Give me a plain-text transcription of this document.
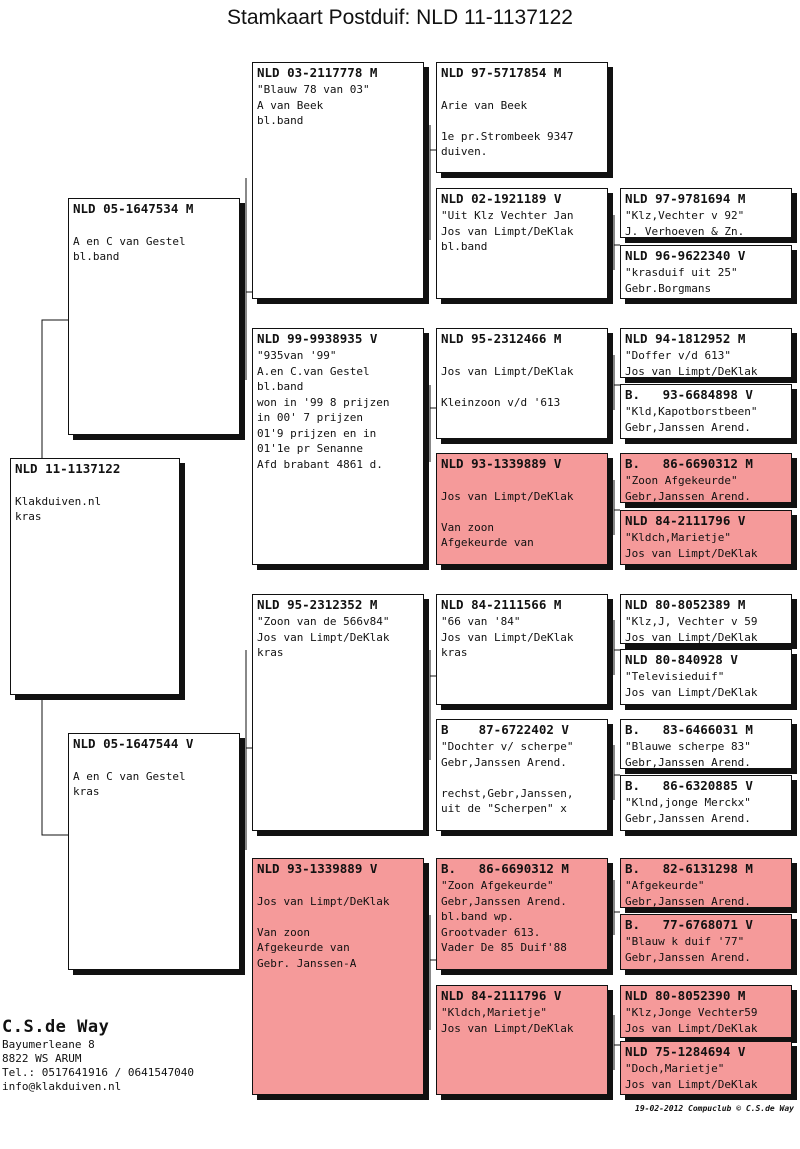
Stamkaart Postduif: NLD 11-1137122
NLD 11-1137122
Klakduiven.nl
kras
NLD 05-1647534 M
A en C van Gestel
bl.band
NLD 05-1647544 V
A en C van Gestel
kras
NLD 03-2117778 M
"Blauw 78 van 03"
A van Beek
bl.band
NLD 99-9938935 V
"935van '99"
A.en C.van Gestel
bl.band
won in '99 8 prijzen
in 00' 7 prijzen
01'9 prijzen en in
01'1e pr Senanne
Afd brabant 4861 d.
NLD 95-2312352 M
"Zoon van de 566v84"
Jos van Limpt/DeKlak
kras
NLD 93-1339889 V
Jos van Limpt/DeKlak
Van zoon
Afgekeurde van
Gebr. Janssen-A
NLD 97-5717854 M
Arie van Beek
1e pr.Strombeek 9347
duiven.
NLD 02-1921189 V
"Uit Klz Vechter Jan
Jos van Limpt/DeKlak
bl.band
NLD 95-2312466 M
Jos van Limpt/DeKlak
Kleinzoon v/d '613
NLD 93-1339889 V
Jos van Limpt/DeKlak
Van zoon
Afgekeurde van
NLD 84-2111566 M
"66 van '84"
Jos van Limpt/DeKlak
kras
B    87-6722402 V
"Dochter v/ scherpe"
Gebr,Janssen Arend.
rechst,Gebr,Janssen,
uit de "Scherpen" x
B.   86-6690312 M
"Zoon Afgekeurde"
Gebr,Janssen Arend.
bl.band wp.
Grootvader 613.
Vader De 85 Duif'88
NLD 84-2111796 V
"Kldch,Marietje"
Jos van Limpt/DeKlak
NLD 97-9781694 M
"Klz,Vechter v 92"
J. Verhoeven & Zn.
NLD 96-9622340 V
"krasduif uit 25"
Gebr.Borgmans
NLD 94-1812952 M
"Doffer v/d 613"
Jos van Limpt/DeKlak
B.   93-6684898 V
"Kld,Kapotborstbeen"
Gebr,Janssen Arend.
B.   86-6690312 M
"Zoon Afgekeurde"
Gebr,Janssen Arend.
NLD 84-2111796 V
"Kldch,Marietje"
Jos van Limpt/DeKlak
NLD 80-8052389 M
"Klz,J, Vechter v 59
Jos van Limpt/DeKlak
NLD 80-840928 V
"Televisieduif"
Jos van Limpt/DeKlak
B.   83-6466031 M
"Blauwe scherpe 83"
Gebr,Janssen Arend.
B.   86-6320885 V
"Klnd,jonge Merckx"
Gebr,Janssen Arend.
B.   82-6131298 M
"Afgekeurde"
Gebr,Janssen Arend.
B.   77-6768071 V
"Blauw k duif '77"
Gebr,Janssen Arend.
NLD 80-8052390 M
"Klz,Jonge Vechter59
Jos van Limpt/DeKlak
NLD 75-1284694 V
"Doch,Marietje"
Jos van Limpt/DeKlak
C.S.de Way
Bayumerleane 8
8822 WS ARUM
Tel.: 0517641916 / 0641547040
info@klakduiven.nl
19-02-2012 Compuclub © C.S.de Way
